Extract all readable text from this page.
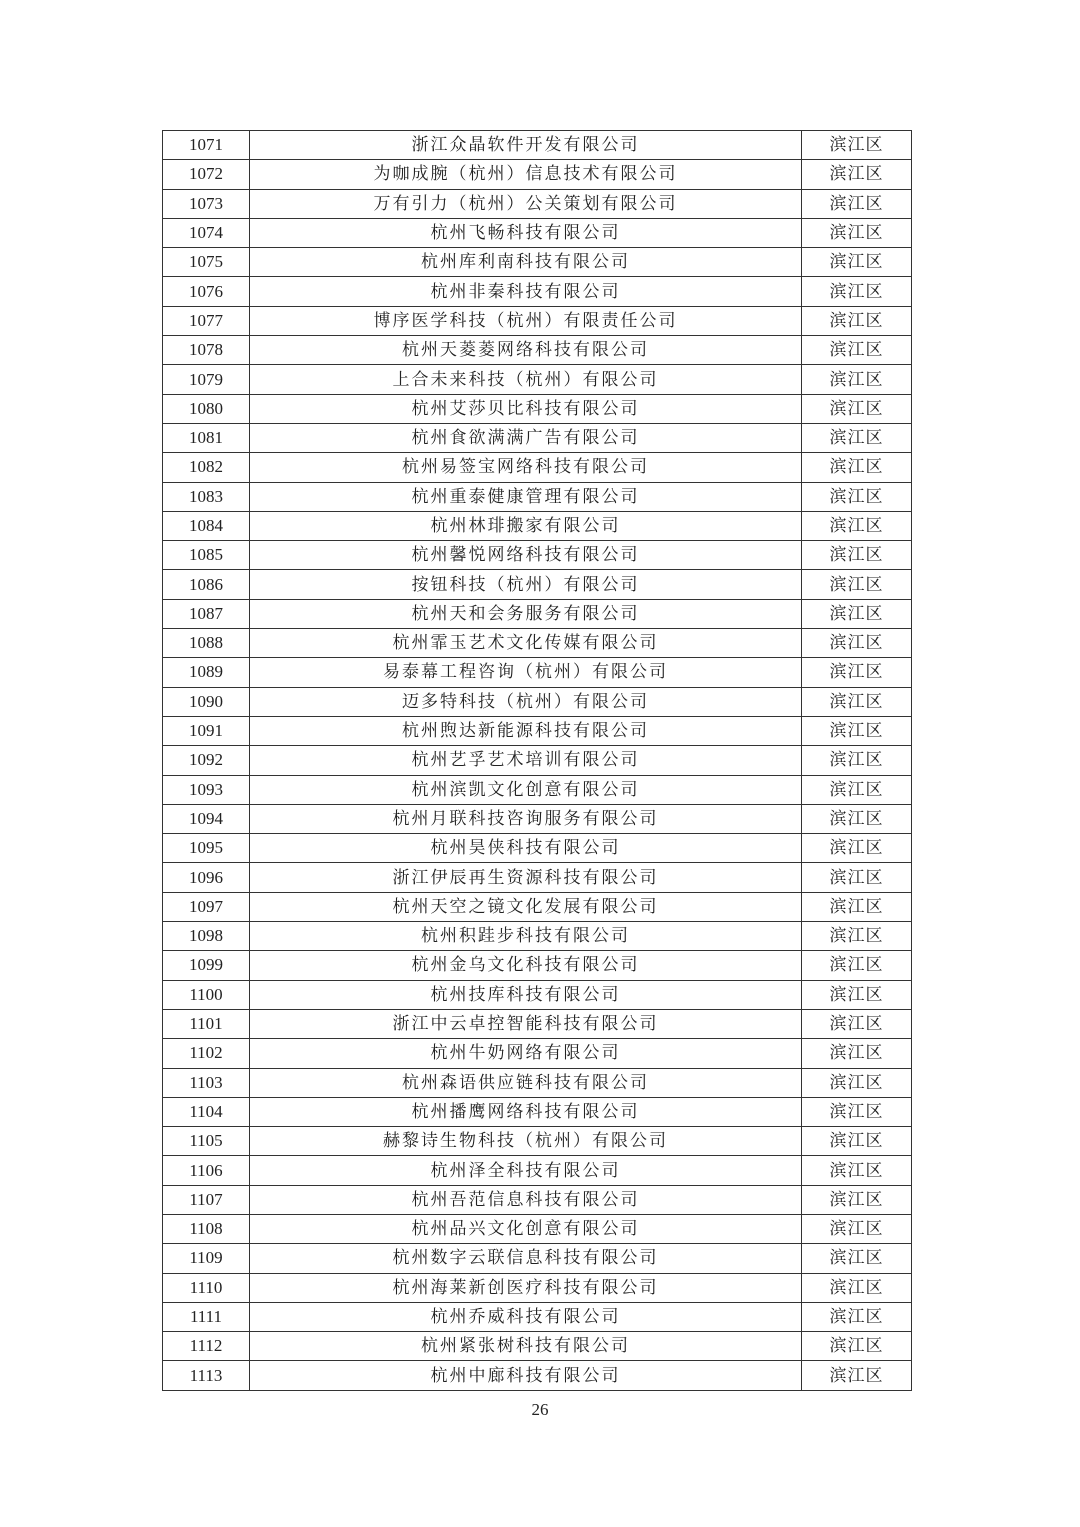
1071	浙江众晶软件开发有限公司	滨江区
1072	为咖成腕（杭州）信息技术有限公司	滨江区
1073	万有引力（杭州）公关策划有限公司	滨江区
1074	杭州飞畅科技有限公司	滨江区
1075	杭州库利南科技有限公司	滨江区
1076	杭州非秦科技有限公司	滨江区
1077	博序医学科技（杭州）有限责任公司	滨江区
1078	杭州天菱菱网络科技有限公司	滨江区
1079	上合未来科技（杭州）有限公司	滨江区
1080	杭州艾莎贝比科技有限公司	滨江区
1081	杭州食欲满满广告有限公司	滨江区
1082	杭州易签宝网络科技有限公司	滨江区
1083	杭州重泰健康管理有限公司	滨江区
1084	杭州林琲搬家有限公司	滨江区
1085	杭州馨悦网络科技有限公司	滨江区
1086	按钮科技（杭州）有限公司	滨江区
1087	杭州天和会务服务有限公司	滨江区
1088	杭州霏玉艺术文化传媒有限公司	滨江区
1089	易泰幕工程咨询（杭州）有限公司	滨江区
1090	迈多特科技（杭州）有限公司	滨江区
1091	杭州煦达新能源科技有限公司	滨江区
1092	杭州艺孚艺术培训有限公司	滨江区
1093	杭州滨凯文化创意有限公司	滨江区
1094	杭州月联科技咨询服务有限公司	滨江区
1095	杭州昊侠科技有限公司	滨江区
1096	浙江伊辰再生资源科技有限公司	滨江区
1097	杭州天空之镜文化发展有限公司	滨江区
1098	杭州积跬步科技有限公司	滨江区
1099	杭州金乌文化科技有限公司	滨江区
1100	杭州技库科技有限公司	滨江区
1101	浙江中云卓控智能科技有限公司	滨江区
1102	杭州牛奶网络有限公司	滨江区
1103	杭州森语供应链科技有限公司	滨江区
1104	杭州播鹰网络科技有限公司	滨江区
1105	赫黎诗生物科技（杭州）有限公司	滨江区
1106	杭州泽全科技有限公司	滨江区
1107	杭州吾范信息科技有限公司	滨江区
1108	杭州品兴文化创意有限公司	滨江区
1109	杭州数字云联信息科技有限公司	滨江区
1110	杭州海莱新创医疗科技有限公司	滨江区
1111	杭州乔威科技有限公司	滨江区
1112	杭州紧张树科技有限公司	滨江区
1113	杭州中廊科技有限公司	滨江区
26
